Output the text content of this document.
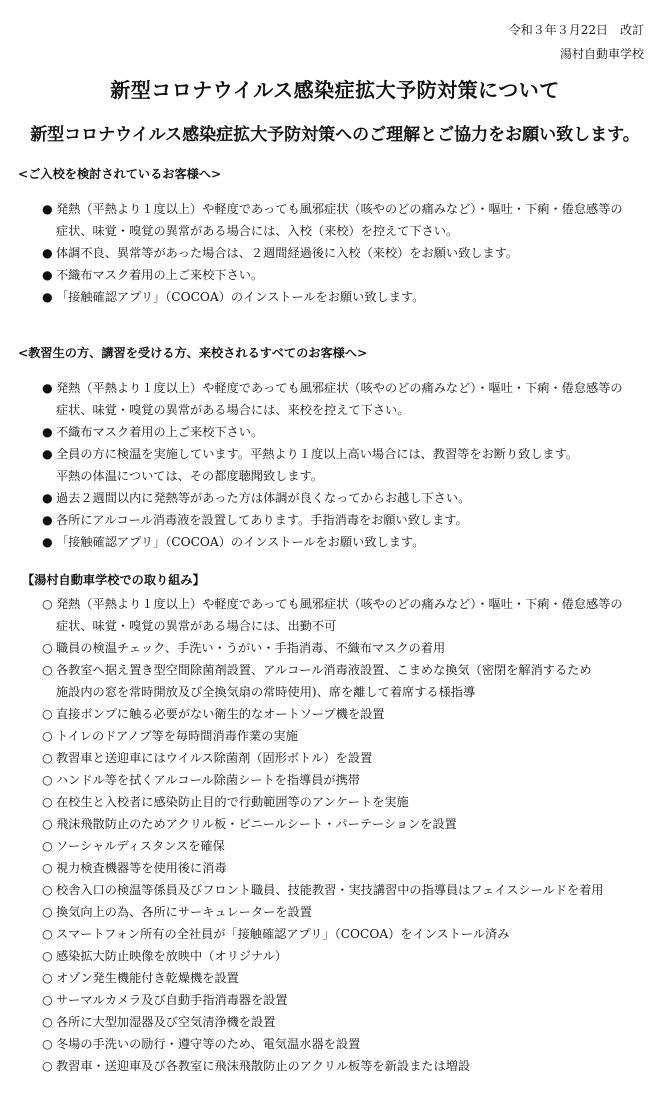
令和３年３月22日　改訂
湯村自動車学校
新型コロナウイルス感染症拡大予防対策について
新型コロナウイルス感染症拡大予防対策へのご理解とご協力をお願い致します。
<ご入校を検討されているお客様へ>
● 発熱（平熱より１度以上）や軽度であっても風邪症状（咳やのどの痛みなど）・嘔吐・下痢・倦怠感等の
症状、味覚・嗅覚の異常がある場合には、入校（来校）を控えて下さい。
● 体調不良、異常等があった場合は、２週間経過後に入校（来校）をお願い致します。
● 不織布マスク着用の上ご来校下さい。
● 「接触確認アプリ」（COCOA）のインストールをお願い致します。
<教習生の方、講習を受ける方、来校されるすべてのお客様へ>
● 発熱（平熱より１度以上）や軽度であっても風邪症状（咳やのどの痛みなど）・嘔吐・下痢・倦怠感等の
症状、味覚・嗅覚の異常がある場合には、来校を控えて下さい。
● 不織布マスク着用の上ご来校下さい。
● 全員の方に検温を実施しています。平熱より１度以上高い場合には、教習等をお断り致します。
平熱の体温については、その都度聴聞致します。
● 過去２週間以内に発熱等があった方は体調が良くなってからお越し下さい。
● 各所にアルコール消毒液を設置してあります。手指消毒をお願い致します。
● 「接触確認アプリ」（COCOA）のインストールをお願い致します。
【湯村自動車学校での取り組み】
○ 発熱（平熱より１度以上）や軽度であっても風邪症状（咳やのどの痛みなど）・嘔吐・下痢・倦怠感等の
症状、味覚・嗅覚の異常がある場合には、出勤不可
○ 職員の検温チェック、手洗い・うがい・手指消毒、不織布マスクの着用
○ 各教室へ据え置き型空間除菌剤設置、アルコール消毒液設置、こまめな換気（密閉を解消するため
施設内の窓を常時開放及び全換気扇の常時使用)、席を離して着席する様指導
○ 直接ボンプに触る必要がない衛生的なオートソープ機を設置
○ トイレのドアノブ等を毎時間消毒作業の実施
○ 教習車と送迎車にはウイルス除菌剤（固形ボトル）を設置
○ ハンドル等を拭くアルコール除菌シートを指導員が携帯
○ 在校生と入校者に感染防止目的で行動範囲等のアンケートを実施
○ 飛沫飛散防止のためアクリル板・ビニールシート・パーテーションを設置
○ ソーシャルディスタンスを確保
○ 視力検査機器等を使用後に消毒
○ 校舎入口の検温等係員及びフロント職員、技能教習・実技講習中の指導員はフェイスシールドを着用
○ 換気向上の為、各所にサーキュレーターを設置
○ スマートフォン所有の全社員が「接触確認アプリ」（COCOA）をインストール済み
○ 感染拡大防止映像を放映中（オリジナル）
○ オゾン発生機能付き乾燥機を設置
○ サーマルカメラ及び自動手指消毒器を設置
○ 各所に大型加湿器及び空気清浄機を設置
○ 冬場の手洗いの励行・遵守等のため、電気温水器を設置
○ 教習車・送迎車及び各教室に飛沫飛散防止のアクリル板等を新設または増設
